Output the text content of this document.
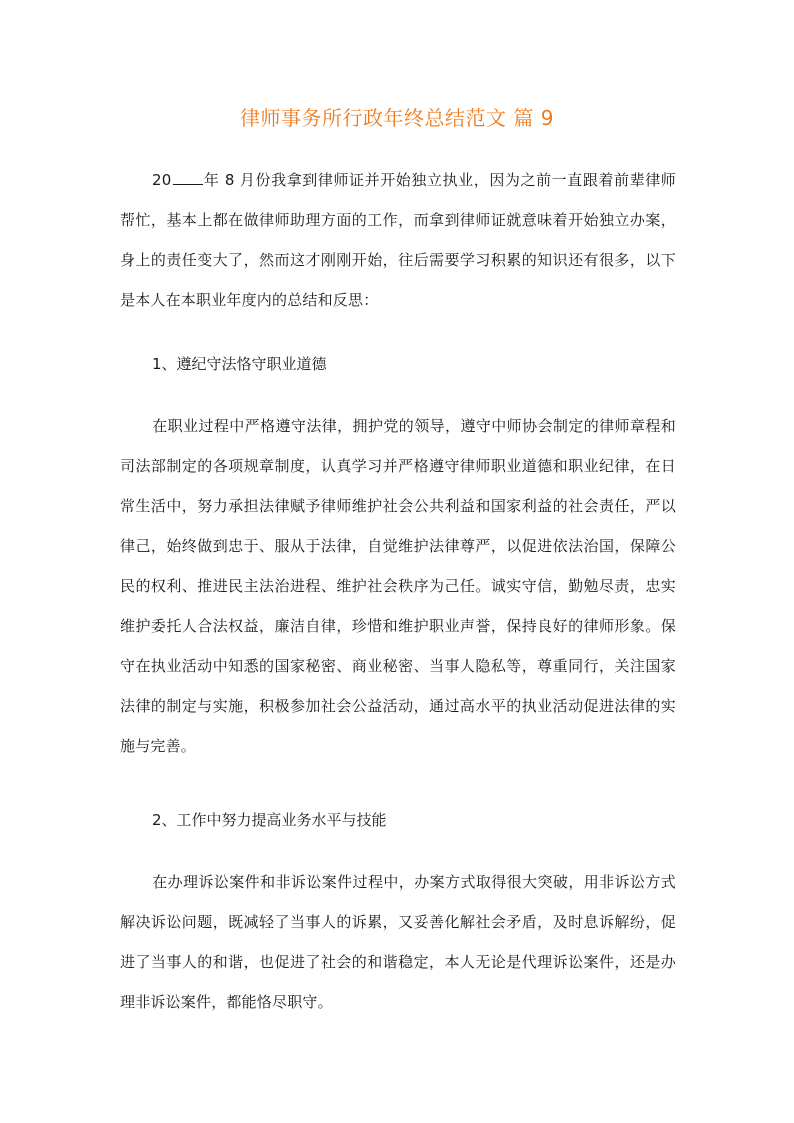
律师事务所行政年终总结范文 篇 9
20 年 8 月份我拿到律师证并开始独立执业，因为之前一直跟着前辈律师帮忙，基本上都在做律师助理方面的工作，而拿到律师证就意味着开始独立办案，身上的责任变大了，然而这才刚刚开始，往后需要学习积累的知识还有很多，以下是本人在本职业年度内的总结和反思：
1、遵纪守法恪守职业道德
在职业过程中严格遵守法律，拥护党的领导，遵守中师协会制定的律师章程和司法部制定的各项规章制度，认真学习并严格遵守律师职业道德和职业纪律，在日常生活中，努力承担法律赋予律师维护社会公共利益和国家利益的社会责任，严以律己，始终做到忠于、服从于法律，自觉维护法律尊严，以促进依法治国，保障公民的权利、推进民主法治进程、维护社会秩序为己任。诚实守信，勤勉尽责，忠实维护委托人合法权益，廉洁自律，珍惜和维护职业声誉，保持良好的律师形象。保守在执业活动中知悉的国家秘密、商业秘密、当事人隐私等，尊重同行，关注国家法律的制定与实施，积极参加社会公益活动，通过高水平的执业活动促进法律的实施与完善。
2、工作中努力提高业务水平与技能
在办理诉讼案件和非诉讼案件过程中，办案方式取得很大突破，用非诉讼方式解决诉讼问题，既减轻了当事人的诉累，又妥善化解社会矛盾，及时息诉解纷，促进了当事人的和谐，也促进了社会的和谐稳定，本人无论是代理诉讼案件，还是办理非诉讼案件，都能恪尽职守。
